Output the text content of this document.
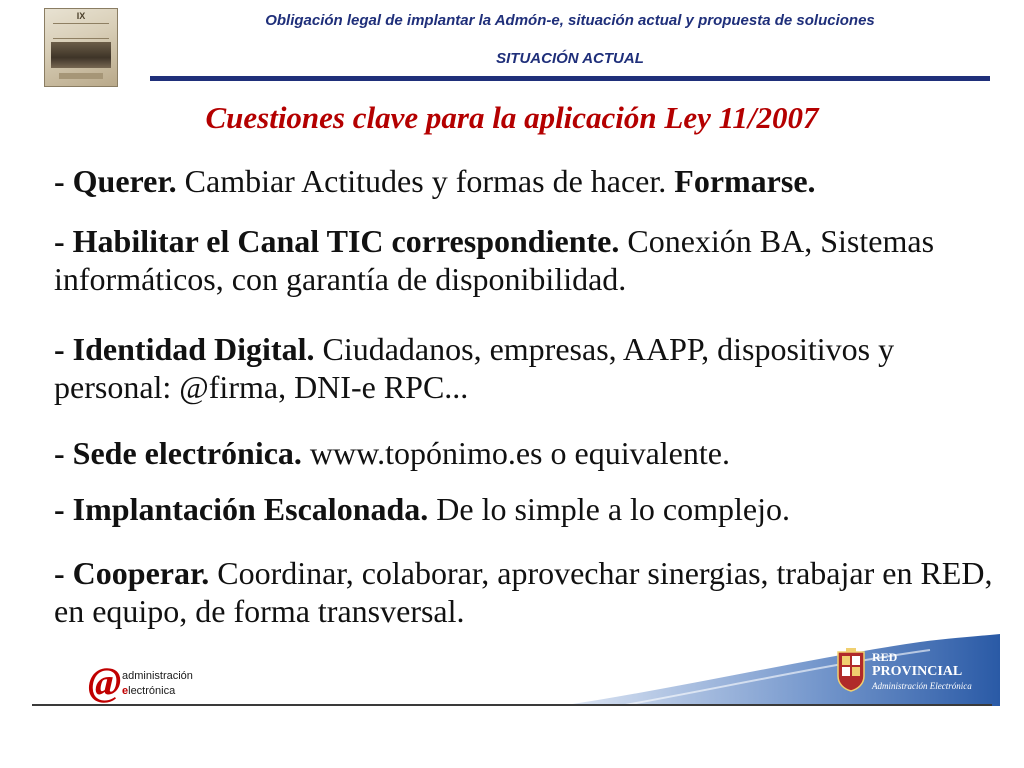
IX	Obligación legal de implantar la Admón-e, situación actual y propuesta de soluciones
SITUACIÓN ACTUAL
Cuestiones clave para la aplicación Ley 11/2007
- Querer. Cambiar Actitudes y formas de hacer. Formarse.
- Habilitar el Canal TIC correspondiente. Conexión BA, Sistemas informáticos, con garantía de disponibilidad.
- Identidad Digital. Ciudadanos, empresas, AAPP, dispositivos y personal: @firma, DNI-e RPC...
- Sede electrónica. www.topónimo.es o equivalente.
- Implantación Escalonada. De lo simple a lo complejo.
- Cooperar. Coordinar, colaborar, aprovechar sinergias, trabajar en RED, en equipo, de forma transversal.
@ administración
electrónica
RED
PROVINCIAL
Administración Electrónica
